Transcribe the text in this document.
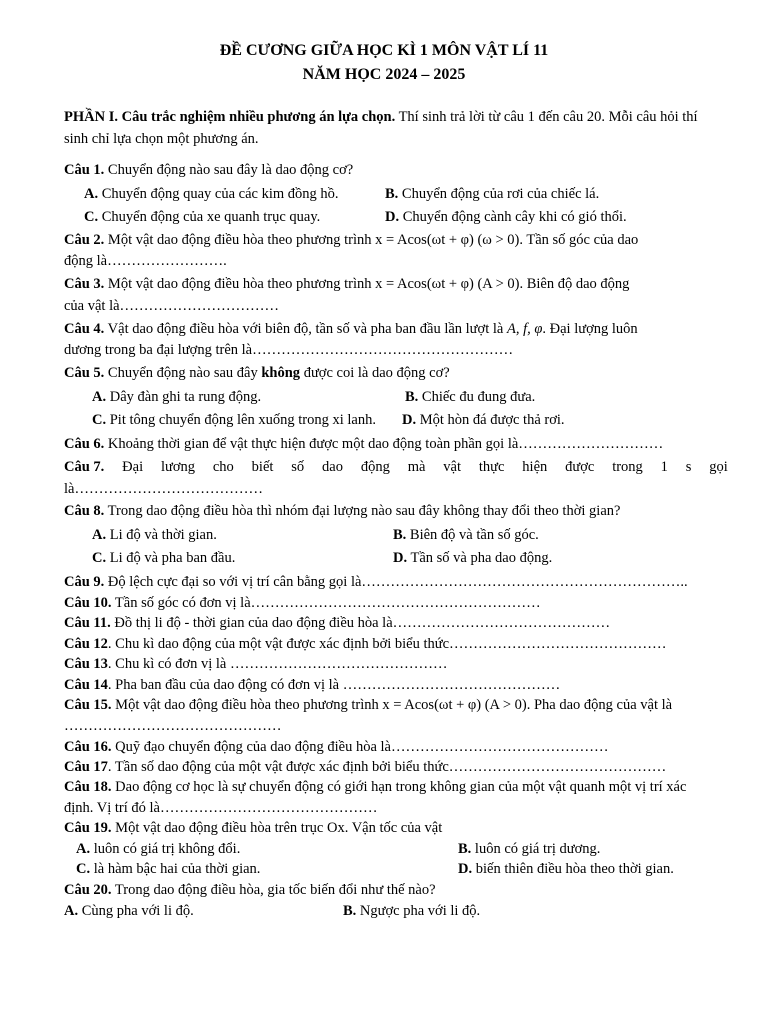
ĐỀ CƯƠNG GIỮA HỌC KÌ 1 MÔN VẬT LÍ 11
NĂM HỌC 2024 – 2025
PHẦN I. Câu trắc nghiệm nhiều phương án lựa chọn. Thí sinh trả lời từ câu 1 đến câu 20. Mỗi câu hỏi thí
sinh chỉ lựa chọn một phương án.
Câu 1. Chuyển động nào sau đây là dao động cơ?
A. Chuyển động quay của các kim đồng hồ.	B. Chuyển động của rơi của chiếc lá.
C. Chuyển động của xe quanh trục quay.	D. Chuyển động cành cây khi có gió thổi.
Câu 2. Một vật dao động điều hòa theo phương trình x = Acos(ωt + φ) (ω > 0). Tần số góc của dao
động là…………………….
Câu 3. Một vật dao động điều hòa theo phương trình x = Acos(ωt + φ) (A > 0). Biên độ dao động
của vật là……………………………
Câu 4. Vật dao động điều hòa với biên độ, tần số và pha ban đầu lần lượt là A, f, φ. Đại lượng luôn
dương trong ba đại lượng trên là………………………………………………
Câu 5. Chuyển động nào sau đây không được coi là dao động cơ?
A. Dây đàn ghi ta rung động.	B. Chiếc đu đung đưa.
C. Pit tông chuyển động lên xuống trong xi lanh. D. Một hòn đá được thả rơi.
Câu 6. Khoảng thời gian để vật thực hiện được một dao động toàn phần gọi là…………………………
Câu 7. Đại lương cho biết số dao động mà vật thực hiện được trong 1 s gọi
là…………………………………
Câu 8. Trong dao động điều hòa thì nhóm đại lượng nào sau đây không thay đổi theo thời gian?
A. Li độ và thời gian.	B. Biên độ và tần số góc.
C. Li độ và pha ban đầu.	D. Tần số và pha dao động.
Câu 9. Độ lệch cực đại so với vị trí cân bằng gọi là…………………………………………………………..
Câu 10. Tần số góc có đơn vị là……………………………………………………
Câu 11. Đồ thị li độ - thời gian của dao động điều hòa là………………………………………
Câu 12. Chu kì dao động của một vật được xác định bởi biểu thức………………………………………
Câu 13. Chu kì có đơn vị là ………………………………………
Câu 14. Pha ban đầu của dao động có đơn vị là ………………………………………
Câu 15. Một vật dao động điều hòa theo phương trình x = Acos(ωt + φ) (A > 0). Pha dao động của vật là
………………………………………
Câu 16. Quỹ đạo chuyển động của dao động điều hòa là………………………………………
Câu 17. Tần số dao động của một vật được xác định bởi biểu thức………………………………………
Câu 18. Dao động cơ học là sự chuyển động có giới hạn trong không gian của một vật quanh một vị trí xác
định. Vị trí đó là………………………………………
Câu 19. Một vật dao động điều hòa trên trục Ox. Vận tốc của vật
A. luôn có giá trị không đổi.	B. luôn có giá trị dương.
C. là hàm bậc hai của thời gian.	D. biến thiên điều hòa theo thời gian.
Câu 20. Trong dao động điều hòa, gia tốc biến đổi như thế nào?
A. Cùng pha với li độ.	B. Ngược pha với li độ.
